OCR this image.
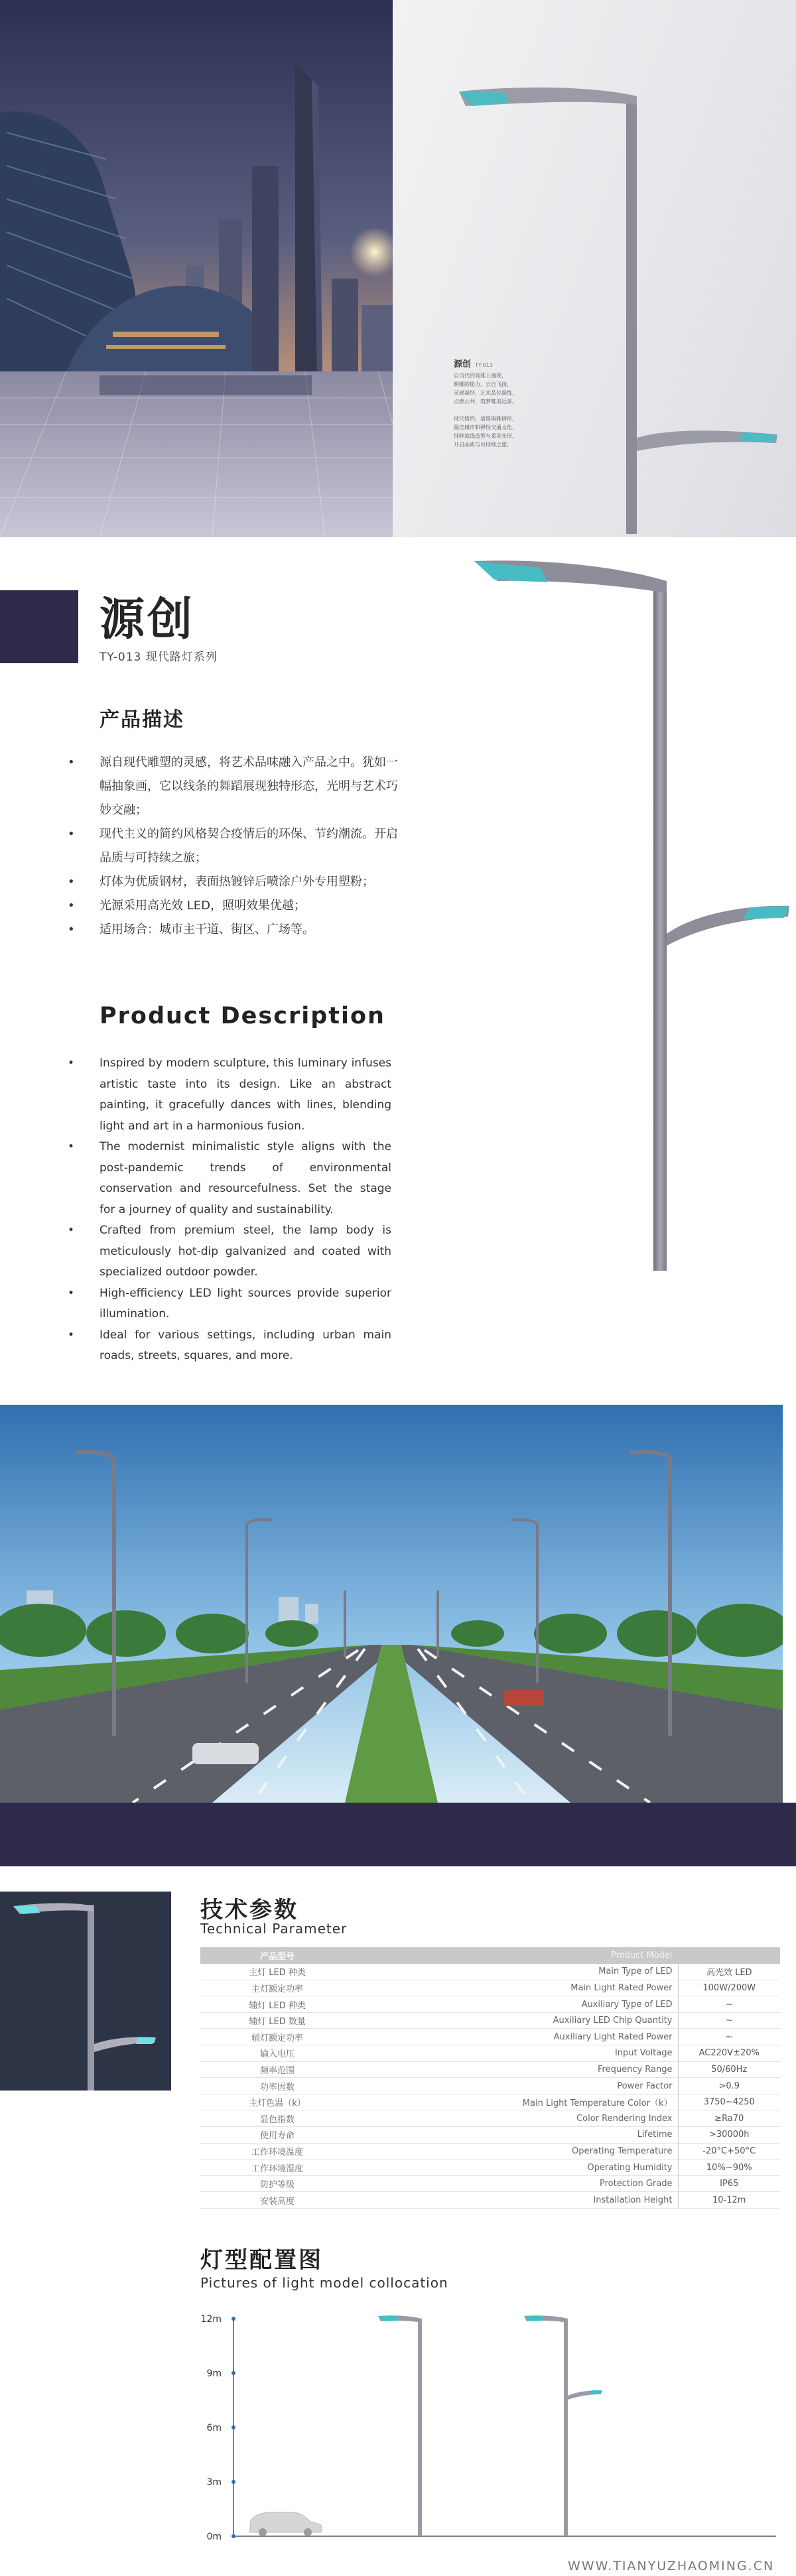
源创 TY-013
自当代的高雅上漫现，
婀娜的能力，云自飞扬，
灵感凝结，艺术品位凝练，
点燃公共，筑梦唯美远景。
现代简约，清简典雅情怀，
最佳城市和弹性交通文化，
纯粹流线造型与柔美光形，
开启品质与可持续之旅。
源创
TY-013 现代路灯系列
产品描述
• 源自现代雕塑的灵感，将艺术品味融入产品之中。犹如一幅抽象画，它以线条的舞蹈展现独特形态，光明与艺术巧妙交融；
• 现代主义的简约风格契合疫情后的环保、节约潮流。开启品质与可持续之旅；
• 灯体为优质钢材，表面热镀锌后喷涂户外专用塑粉；
• 光源采用高光效 LED，照明效果优越；
• 适用场合：城市主干道、街区、广场等。
Product Description
• Inspired by modern sculpture, this luminary infuses artistic taste into its design. Like an abstract painting, it gracefully dances with lines, blending light and art in a harmonious fusion.
• The modernist minimalistic style aligns with the post-pandemic trends of environmental conservation and resourcefulness. Set the stage for a journey of quality and sustainability.
• Crafted from premium steel, the lamp body is meticulously hot-dip galvanized and coated with specialized outdoor powder.
• High-efficiency LED light sources provide superior illumination.
• Ideal for various settings, including urban main roads, streets, squares, and more.
技术参数
Technical Parameter
产品型号	Product Model	
主灯 LED 种类	Main Type of LED	高光效 LED
主灯额定功率	Main Light Rated Power	100W/200W
辅灯 LED 种类	Auxiliary Type of LED	~
辅灯 LED 数量	Auxiliary LED Chip Quantity	~
辅灯额定功率	Auxiliary Light Rated Power	~
输入电压	Input Voltage	AC220V±20%
频率范围	Frequency Range	50/60Hz
功率因数	Power Factor	>0.9
主灯色温（k）	Main Light Temperature Color（k）	3750~4250
显色指数	Color Rendering Index	≥Ra70
使用寿命	Lifetime	>30000h
工作环境温度	Operating Temperature	-20°C+50°C
工作环境湿度	Operating Humidity	10%~90%
防护等级	Protection Grade	IP65
安装高度	Installation Height	10-12m
灯型配置图
Pictures of light model collocation
12m
9m
6m
3m
0m
WWW.TIANYUZHAOMING.CN
